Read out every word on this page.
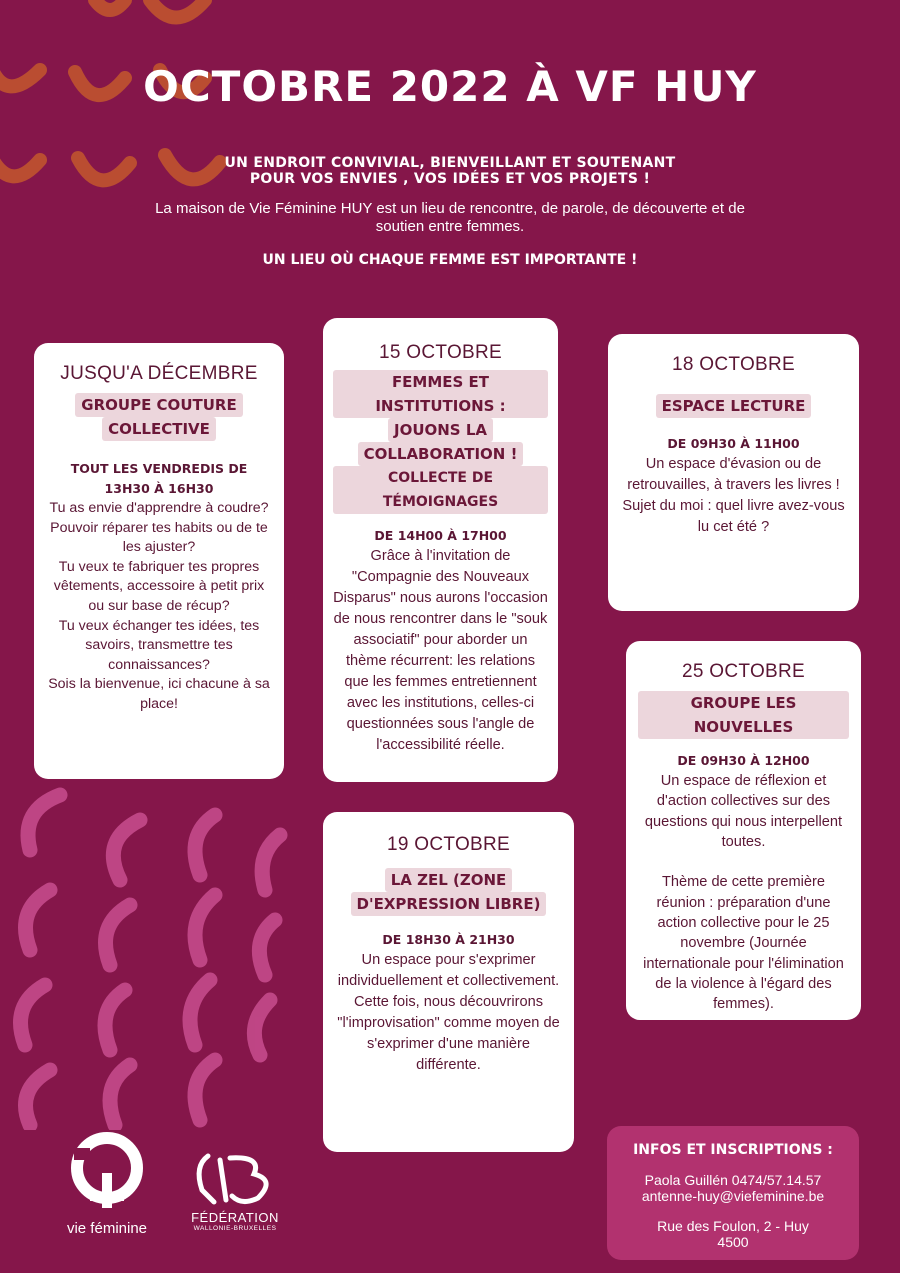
OCTOBRE 2022 À VF HUY
UN ENDROIT CONVIVIAL, BIENVEILLANT ET SOUTENANT
POUR VOS ENVIES , VOS IDÉES ET VOS PROJETS !
La maison de Vie Féminine HUY est un lieu de rencontre, de parole, de découverte et de soutien entre femmes.
UN LIEU OÙ CHAQUE FEMME EST IMPORTANTE !
JUSQU'A DÉCEMBRE
GROUPE COUTURE
COLLECTIVE
TOUT LES VENDREDIS DE 13H30 À 16H30
Tu as envie d'apprendre à coudre?
Pouvoir réparer tes habits ou de te les ajuster?
Tu veux te fabriquer tes propres vêtements, accessoire à petit prix ou sur base de récup?
Tu veux échanger tes idées, tes savoirs, transmettre tes connaissances?
Sois la bienvenue, ici chacune à sa place!
15 OCTOBRE
FEMMES ET INSTITUTIONS :
JOUONS LA
COLLABORATION !
COLLECTE DE TÉMOIGNAGES
DE 14H00 À 17H00
Grâce à l'invitation de "Compagnie des Nouveaux Disparus" nous aurons l'occasion de nous rencontrer dans le "souk associatif" pour aborder un thème récurrent: les relations que les femmes entretiennent avec les institutions, celles-ci questionnées sous l'angle de l'accessibilité réelle.
18 OCTOBRE
ESPACE LECTURE
DE 09H30 À 11H00
Un espace d'évasion ou de retrouvailles, à travers les livres !
Sujet du moi : quel livre avez-vous lu cet été ?
25 OCTOBRE
GROUPE LES NOUVELLES
DE 09H30 À 12H00
Un espace de réflexion et d'action collectives sur des questions qui nous interpellent toutes.

Thème de cette première réunion : préparation d'une action collective pour le 25 novembre (Journée internationale pour l'élimination de la violence à l'égard des femmes).
19 OCTOBRE
LA ZEL (ZONE
D'EXPRESSION LIBRE)
DE 18H30 À 21H30
Un espace pour s'exprimer individuellement et collectivement.
Cette fois, nous découvrirons "l'improvisation" comme moyen de s'exprimer d'une manière différente.
INFOS ET INSCRIPTIONS :
Paola Guillén 0474/57.14.57
antenne-huy@viefeminine.be
Rue des Foulon, 2 - Huy
4500
vie féminine
FÉDÉRATION
WALLONIE-BRUXELLES
